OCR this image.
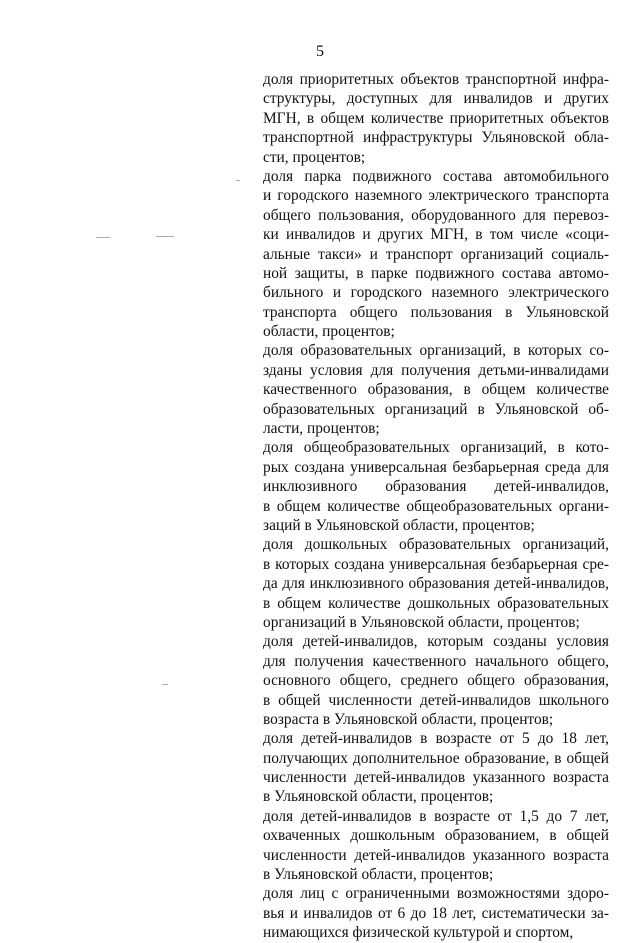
5
доля приоритетных объектов транспортной инфра-
структуры, доступных для инвалидов и других
МГН, в общем количестве приоритетных объектов
транспортной инфраструктуры Ульяновской обла-
сти, процентов;
доля парка подвижного состава автомобильного
и городского наземного электрического транспорта
общего пользования, оборудованного для перевоз-
ки инвалидов и других МГН, в том числе «соци-
альные такси» и транспорт организаций социаль-
ной защиты, в парке подвижного состава автомо-
бильного и городского наземного электрического
транспорта общего пользования в Ульяновской
области, процентов;
доля образовательных организаций, в которых со-
зданы условия для получения детьми-инвалидами
качественного образования, в общем количестве
образовательных организаций в Ульяновской об-
ласти, процентов;
доля общеобразовательных организаций, в кото-
рых создана универсальная безбарьерная среда для
инклюзивного образования детей-инвалидов,
в общем количестве общеобразовательных органи-
заций в Ульяновской области, процентов;
доля дошкольных образовательных организаций,
в которых создана универсальная безбарьерная сре-
да для инклюзивного образования детей-инвалидов,
в общем количестве дошкольных образовательных
организаций в Ульяновской области, процентов;
доля детей-инвалидов, которым созданы условия
для получения качественного начального общего,
основного общего, среднего общего образования,
в общей численности детей-инвалидов школьного
возраста в Ульяновской области, процентов;
доля детей-инвалидов в возрасте от 5 до 18 лет,
получающих дополнительное образование, в общей
численности детей-инвалидов указанного возраста
в Ульяновской области, процентов;
доля детей-инвалидов в возрасте от 1,5 до 7 лет,
охваченных дошкольным образованием, в общей
численности детей-инвалидов указанного возраста
в Ульяновской области, процентов;
доля лиц с ограниченными возможностями здоро-
вья и инвалидов от 6 до 18 лет, систематически за-
нимающихся физической культурой и спортом,
